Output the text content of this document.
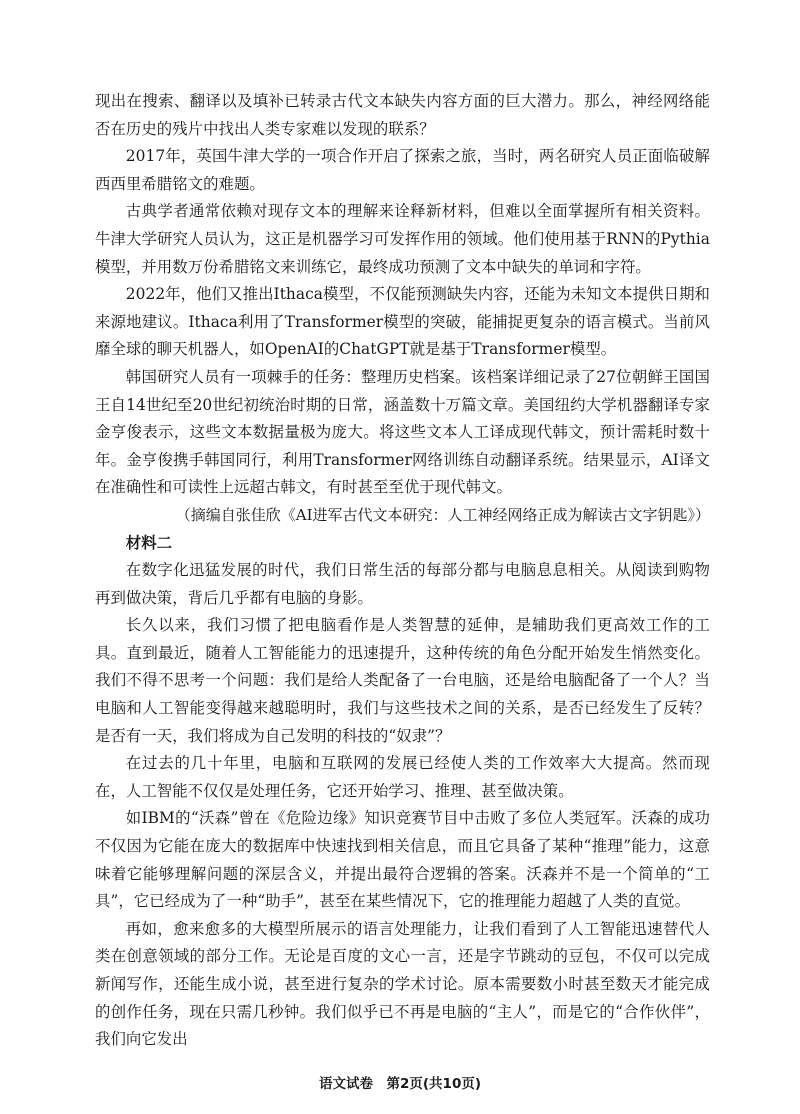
现出在搜索、翻译以及填补已转录古代文本缺失内容方面的巨大潜力。那么，神经网络能否在历史的残片中找出人类专家难以发现的联系？

2017年，英国牛津大学的一项合作开启了探索之旅，当时，两名研究人员正面临破解西西里希腊铭文的难题。

古典学者通常依赖对现存文本的理解来诠释新材料，但难以全面掌握所有相关资料。牛津大学研究人员认为，这正是机器学习可发挥作用的领域。他们使用基于RNN的Pythia模型，并用数万份希腊铭文来训练它，最终成功预测了文本中缺失的单词和字符。

2022年，他们又推出Ithaca模型，不仅能预测缺失内容，还能为未知文本提供日期和来源地建议。Ithaca利用了Transformer模型的突破，能捕捉更复杂的语言模式。当前风靡全球的聊天机器人，如OpenAI的ChatGPT就是基于Transformer模型。

韩国研究人员有一项棘手的任务：整理历史档案。该档案详细记录了27位朝鲜王国国王自14世纪至20世纪初统治时期的日常，涵盖数十万篇文章。美国纽约大学机器翻译专家金亨俊表示，这些文本数据量极为庞大。将这些文本人工译成现代韩文，预计需耗时数十年。金亨俊携手韩国同行，利用Transformer网络训练自动翻译系统。结果显示，AI译文在准确性和可读性上远超古韩文，有时甚至至优于现代韩文。

（摘编自张佳欣《AI进军古代文本研究：人工神经网络正成为解读古文字钥匙》）

材料二

在数字化迅猛发展的时代，我们日常生活的每部分都与电脑息息相关。从阅读到购物再到做决策，背后几乎都有电脑的身影。

长久以来，我们习惯了把电脑看作是人类智慧的延伸，是辅助我们更高效工作的工具。直到最近，随着人工智能能力的迅速提升，这种传统的角色分配开始发生悄然变化。我们不得不思考一个问题：我们是给人类配备了一台电脑，还是给电脑配备了一个人？当电脑和人工智能变得越来越聪明时，我们与这些技术之间的关系，是否已经发生了反转？是否有一天，我们将成为自己发明的科技的“奴隶”？

在过去的几十年里，电脑和互联网的发展已经使人类的工作效率大大提高。然而现在，人工智能不仅仅是处理任务，它还开始学习、推理、甚至做决策。

如IBM的“沃森”曾在《危险边缘》知识竞赛节目中击败了多位人类冠军。沃森的成功不仅因为它能在庞大的数据库中快速找到相关信息，而且它具备了某种“推理”能力，这意味着它能够理解问题的深层含义，并提出最符合逻辑的答案。沃森并不是一个简单的“工具”，它已经成为了一种“助手”，甚至在某些情况下，它的推理能力超越了人类的直觉。

再如，愈来愈多的大模型所展示的语言处理能力，让我们看到了人工智能迅速替代人类在创意领域的部分工作。无论是百度的文心一言，还是字节跳动的豆包，不仅可以完成新闻写作，还能生成小说，甚至进行复杂的学术讨论。原本需要数小时甚至数天才能完成的创作任务，现在只需几秒钟。我们似乎已不再是电脑的“主人”，而是它的“合作伙伴”，我们向它发出

语文试卷　第2页(共10页)
